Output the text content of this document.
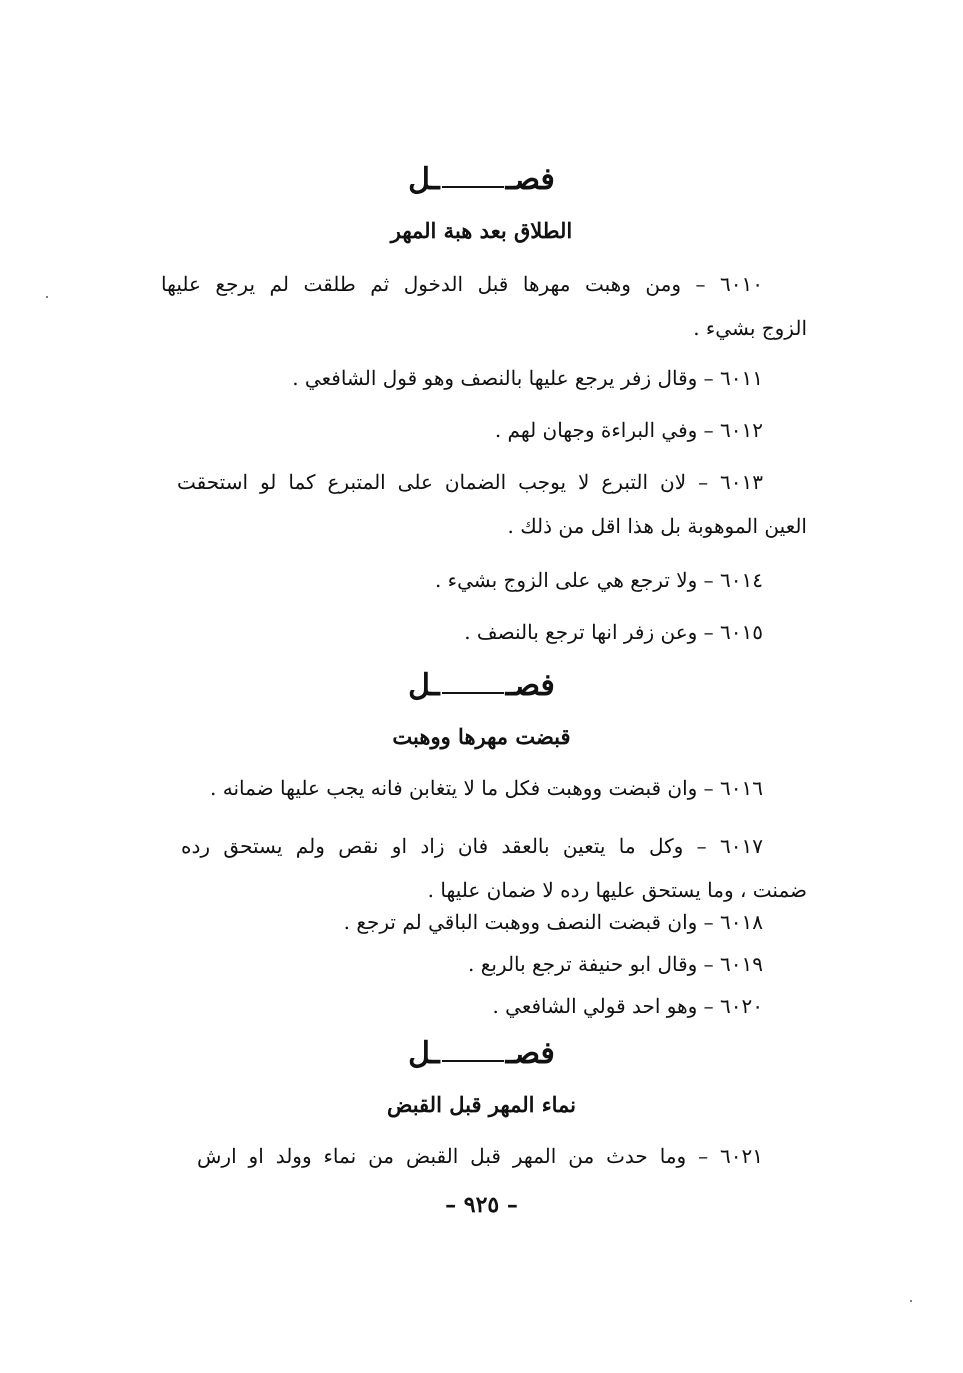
فصــل
الطلاق بعد هبة المهر
٦٠١٠ – ومن وهبت مهرها قبل الدخول ثم طلقت لم يرجع عليها
الزوج بشيء .
٦٠١١ – وقال زفر يرجع عليها بالنصف وهو قول الشافعي .
٦٠١٢ – وفي البراءة وجهان لهم .
٦٠١٣ – لان التبرع لا يوجب الضمان على المتبرع كما لو استحقت
العين الموهوبة بل هذا اقل من ذلك .
٦٠١٤ – ولا ترجع هي على الزوج بشيء .
٦٠١٥ – وعن زفر انها ترجع بالنصف .
فصــل
قبضت مهرها ووهبت
٦٠١٦ – وان قبضت ووهبت فكل ما لا يتغابن فانه يجب عليها ضمانه .
٦٠١٧ – وكل ما يتعين بالعقد فان زاد او نقص ولم يستحق رده
ضمنت ، وما يستحق عليها رده لا ضمان عليها .
٦٠١٨ – وان قبضت النصف ووهبت الباقي لم ترجع .
٦٠١٩ – وقال ابو حنيفة ترجع بالربع .
٦٠٢٠ – وهو احد قولي الشافعي .
فصــل
نماء المهر قبل القبض
٦٠٢١ – وما حدث من المهر قبل القبض من نماء وولد او ارش
– ٩٢٥ –
